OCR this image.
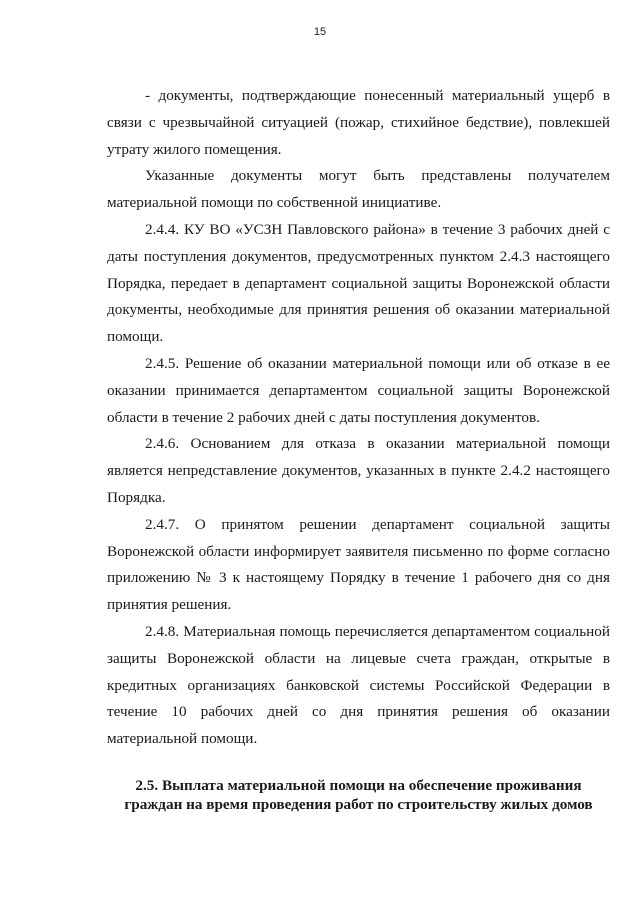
15

- документы, подтверждающие понесенный материальный ущерб в связи с чрезвычайной ситуацией (пожар, стихийное бедствие), повлекшей утрату жилого помещения.

Указанные документы могут быть представлены получателем материальной помощи по собственной инициативе.

2.4.4. КУ ВО «УСЗН Павловского района» в течение 3 рабочих дней с даты поступления документов, предусмотренных пунктом 2.4.3 настоящего Порядка, передает в департамент социальной защиты Воронежской области документы, необходимые для принятия решения об оказании материальной помощи.

2.4.5. Решение об оказании материальной помощи или об отказе в ее оказании принимается департаментом социальной защиты Воронежской области в течение 2 рабочих дней с даты поступления документов.

2.4.6. Основанием для отказа в оказании материальной помощи является непредставление документов, указанных в пункте 2.4.2 настоящего Порядка.

2.4.7. О принятом решении департамент социальной защиты Воронежской области информирует заявителя письменно по форме согласно приложению № 3 к настоящему Порядку в течение 1 рабочего дня со дня принятия решения.

2.4.8. Материальная помощь перечисляется департаментом социальной защиты Воронежской области на лицевые счета граждан, открытые в кредитных организациях банковской системы Российской Федерации в течение 10 рабочих дней со дня принятия решения об оказании материальной помощи.

2.5. Выплата материальной помощи на обеспечение проживания
граждан на время проведения работ по строительству жилых домов
